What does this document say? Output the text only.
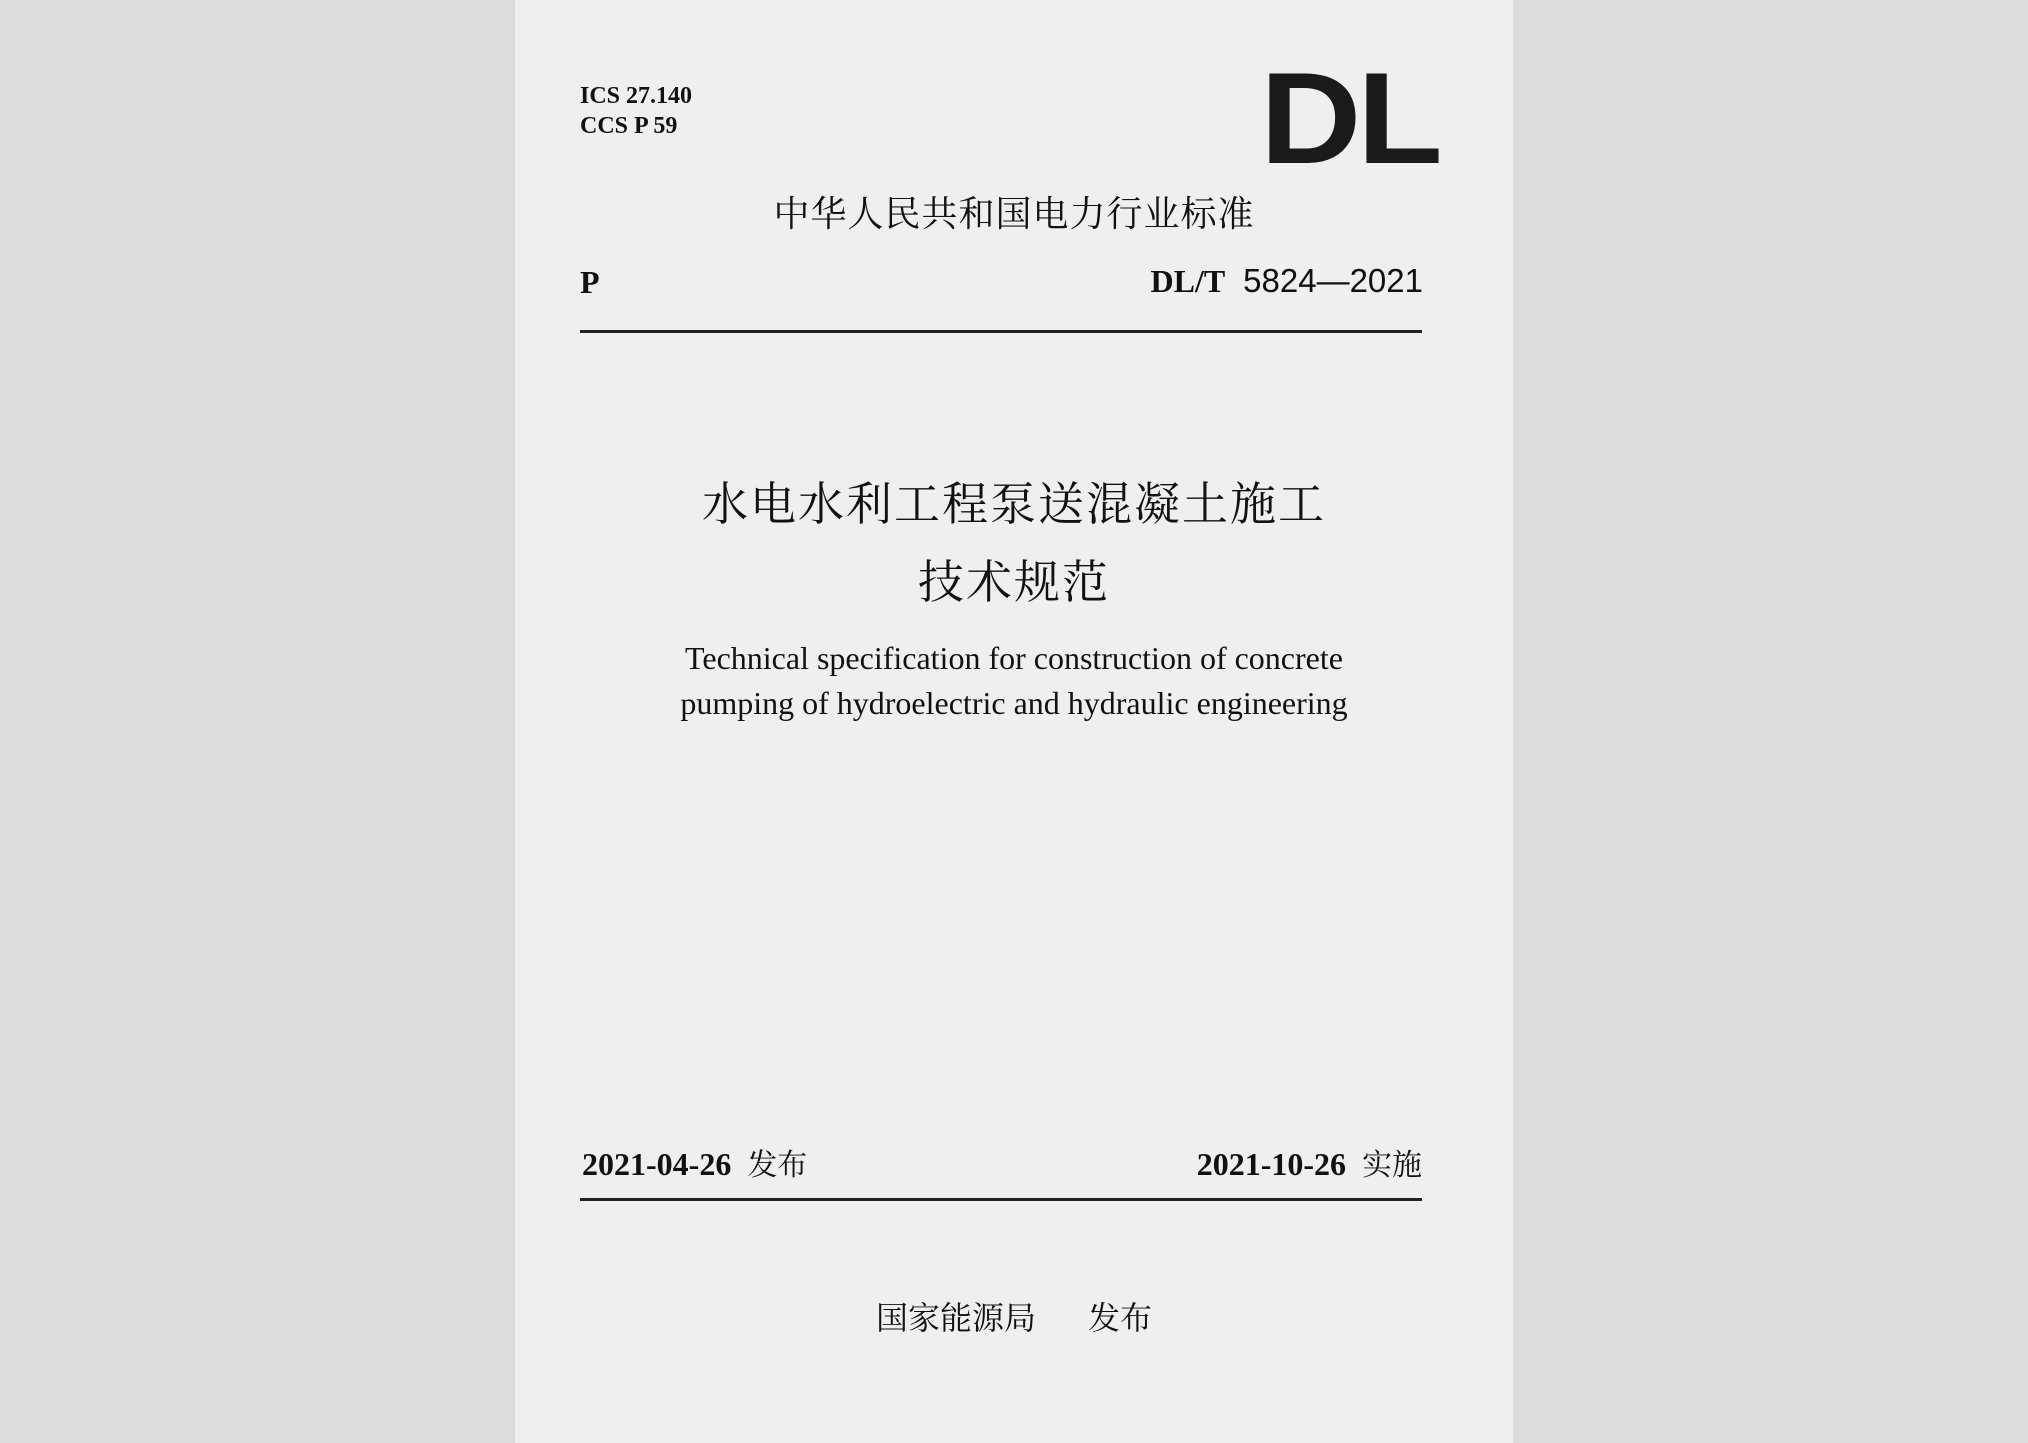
ICS 27.140
CCS P 59	DL
中华人民共和国电力行业标准
P	DL/T 5824—2021
水电水利工程泵送混凝土施工
技术规范
Technical specification for construction of concrete
pumping of hydroelectric and hydraulic engineering
2021-04-26 发布	2021-10-26 实施
国家能源局 发布
